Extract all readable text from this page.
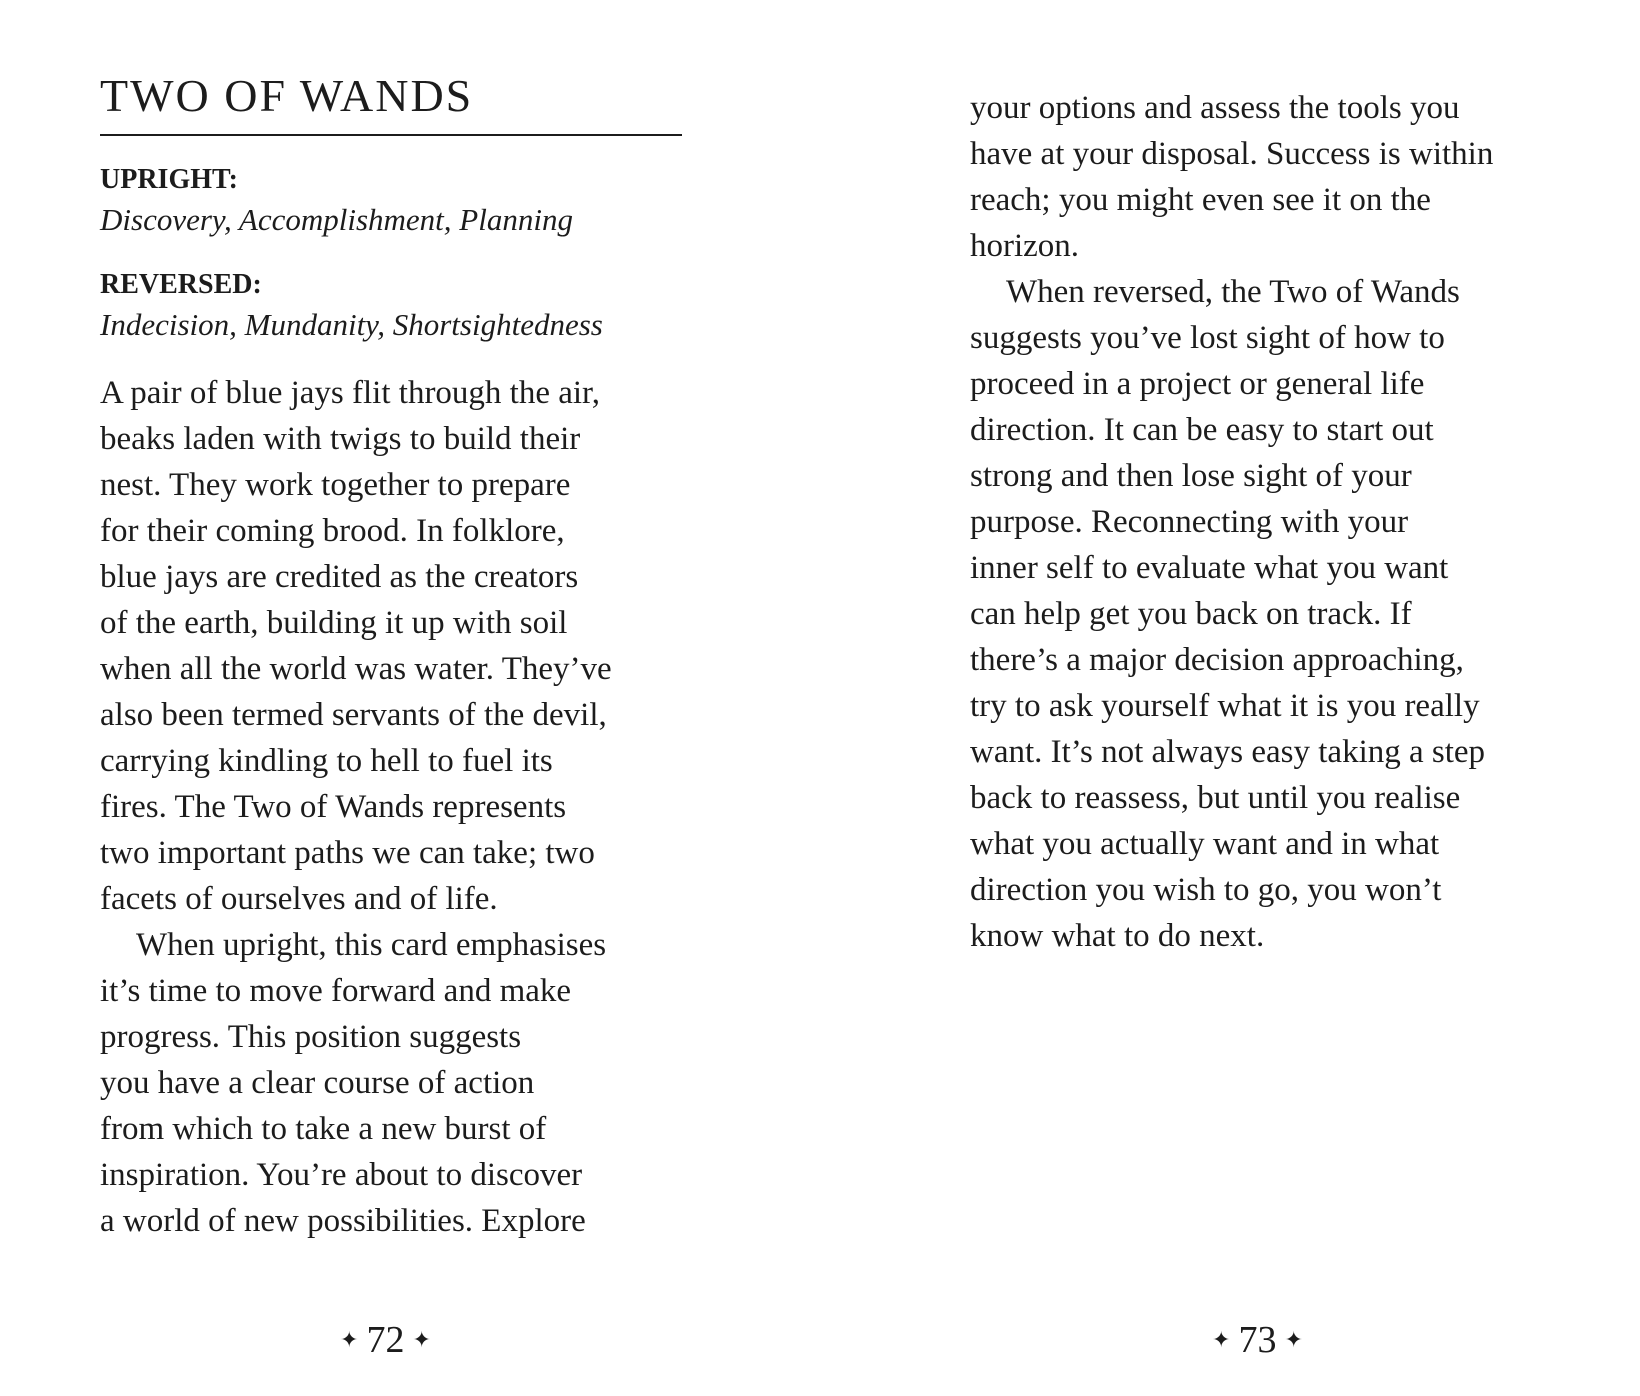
TWO OF WANDS

UPRIGHT:

Discovery, Accomplishment, Planning

REVERSED:

Indecision, Mundanity, Shortsightedness

A pair of blue jays flit through the air,
beaks laden with twigs to build their
nest. They work together to prepare
for their coming brood. In folklore,
blue jays are credited as the creators
of the earth, building it up with soil
when all the world was water. They’ve
also been termed servants of the devil,
carrying kindling to hell to fuel its
fires. The Two of Wands represents
two important paths we can take; two
facets of ourselves and of life.
When upright, this card emphasises
it’s time to move forward and make
progress. This position suggests
you have a clear course of action
from which to take a new burst of
inspiration. You’re about to discover
a world of new possibilities. Explore
✦ 72 ✦
your options and assess the tools you
have at your disposal. Success is within
reach; you might even see it on the
horizon.
When reversed, the Two of Wands
suggests you’ve lost sight of how to
proceed in a project or general life
direction. It can be easy to start out
strong and then lose sight of your
purpose. Reconnecting with your
inner self to evaluate what you want
can help get you back on track. If
there’s a major decision approaching,
try to ask yourself what it is you really
want. It’s not always easy taking a step
back to reassess, but until you realise
what you actually want and in what
direction you wish to go, you won’t
know what to do next.
✦ 73 ✦
